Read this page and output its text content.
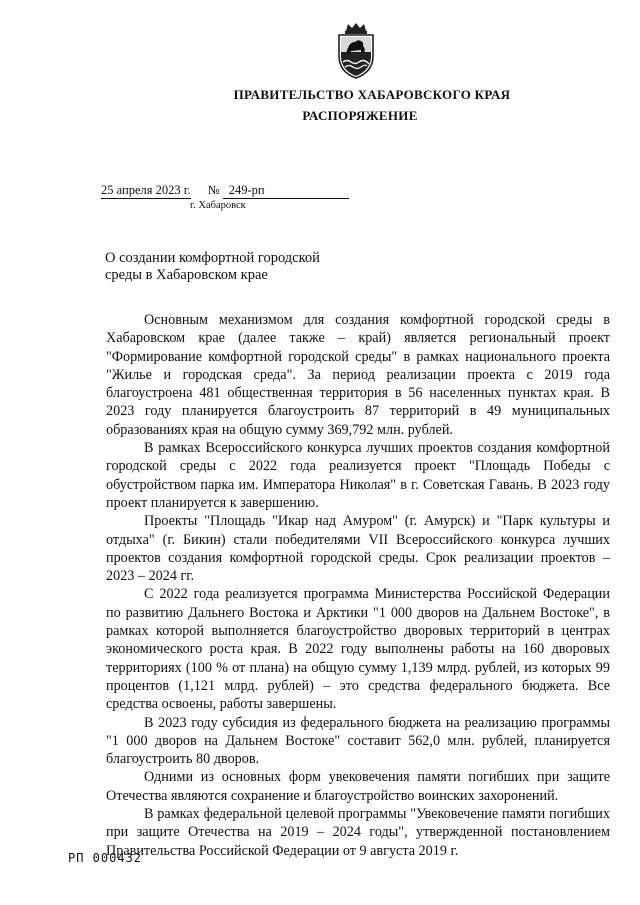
ПРАВИТЕЛЬСТВО ХАБАРОВСКОГО КРАЯ
РАСПОРЯЖЕНИЕ
25 апреля 2023 г. № 249-рп
г. Хабаровск
О создании комфортной городской
среды в Хабаровском крае

Основным механизмом для создания комфортной городской среды в Хабаровском крае (далее также – край) является региональный проект "Формирование комфортной городской среды" в рамках национального проекта "Жилье и городская среда". За период реализации проекта с 2019 года благоустроена 481 общественная территория в 56 населенных пунктах края. В 2023 году планируется благоустроить 87 территорий в 49 муниципальных образованиях края на общую сумму 369,792 млн. рублей.

В рамках Всероссийского конкурса лучших проектов создания комфортной городской среды с 2022 года реализуется проект "Площадь Победы с обустройством парка им. Императора Николая" в г. Советская Гавань. В 2023 году проект планируется к завершению.

Проекты "Площадь "Икар над Амуром" (г. Амурск) и "Парк культуры и отдыха" (г. Бикин) стали победителями VII Всероссийского конкурса лучших проектов создания комфортной городской среды. Срок реализации проектов – 2023 – 2024 гг.

С 2022 года реализуется программа Министерства Российской Федерации по развитию Дальнего Востока и Арктики "1 000 дворов на Дальнем Востоке", в рамках которой выполняется благоустройство дворовых территорий в центрах экономического роста края. В 2022 году выполнены работы на 160 дворовых территориях (100 % от плана) на общую сумму 1,139 млрд. рублей, из которых 99 процентов (1,121 млрд. рублей) – это средства федерального бюджета. Все средства освоены, работы завершены.

В 2023 году субсидия из федерального бюджета на реализацию программы "1 000 дворов на Дальнем Востоке" составит 562,0 млн. рублей, планируется благоустроить 80 дворов.

Одними из основных форм увековечения памяти погибших при защите Отечества являются сохранение и благоустройство воинских захоронений.

В рамках федеральной целевой программы "Увековечение памяти погибших при защите Отечества на 2019 – 2024 годы", утвержденной постановлением Правительства Российской Федерации от 9 августа 2019 г.

РП 000432
